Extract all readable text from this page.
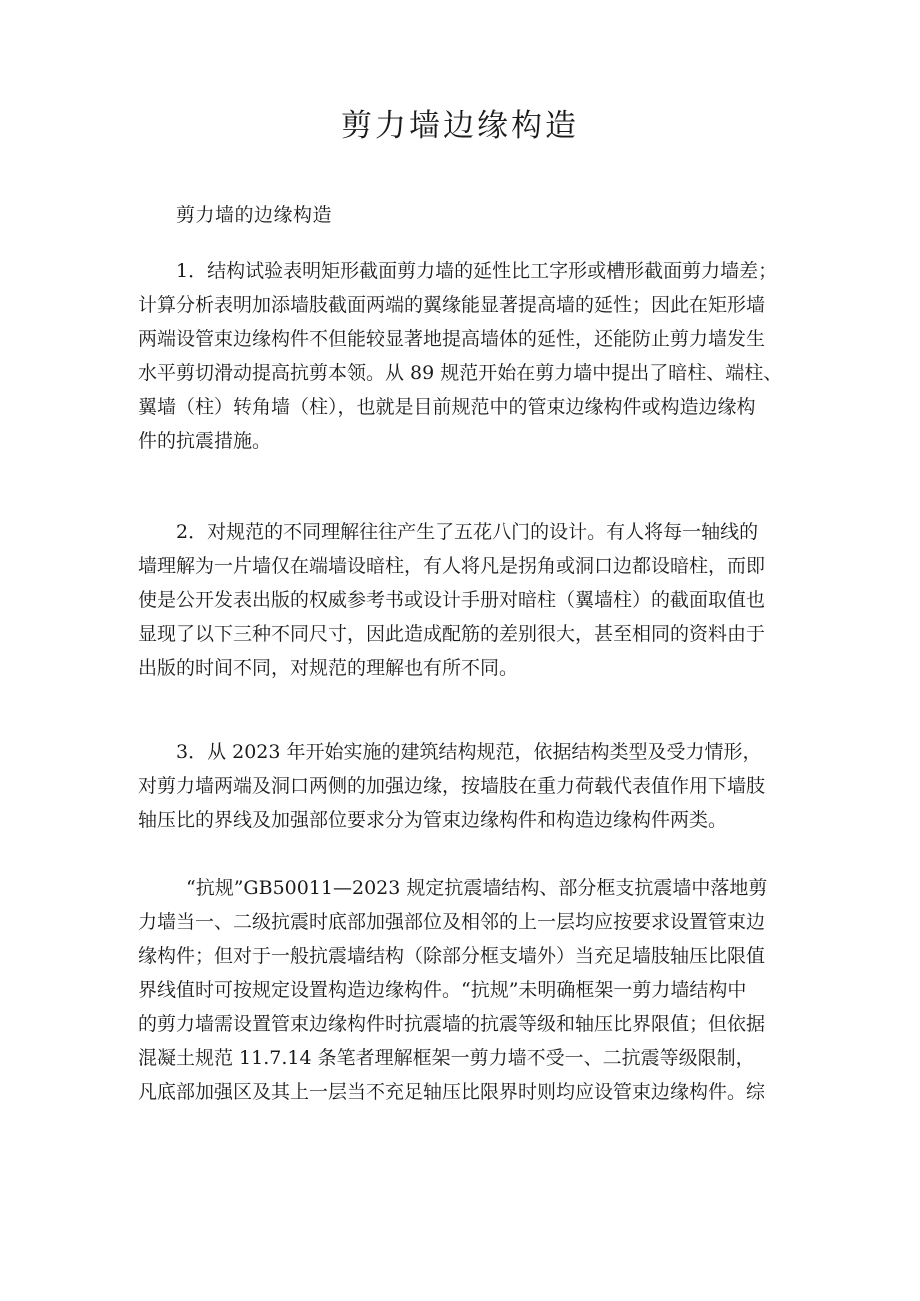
剪力墙边缘构造
剪力墙的边缘构造
1．结构试验表明矩形截面剪力墙的延性比工字形或槽形截面剪力墙差；
计算分析表明加添墙肢截面两端的翼缘能显著提高墙的延性；因此在矩形墙
两端设管束边缘构件不但能较显著地提高墙体的延性，还能防止剪力墙发生
水平剪切滑动提高抗剪本领。从 89 规范开始在剪力墙中提出了暗柱、端柱、
翼墙（柱）转角墙（柱），也就是目前规范中的管束边缘构件或构造边缘构
件的抗震措施。
2．对规范的不同理解往往产生了五花八门的设计。有人将每一轴线的
墙理解为一片墙仅在端墙设暗柱，有人将凡是拐角或洞口边都设暗柱，而即
使是公开发表出版的权威参考书或设计手册对暗柱（翼墙柱）的截面取值也
显现了以下三种不同尺寸，因此造成配筋的差别很大，甚至相同的资料由于
出版的时间不同，对规范的理解也有所不同。
3．从 2023 年开始实施的建筑结构规范，依据结构类型及受力情形，
对剪力墙两端及洞口两侧的加强边缘，按墙肢在重力荷载代表值作用下墙肢
轴压比的界线及加强部位要求分为管束边缘构件和构造边缘构件两类。
“抗规”GB50011—2023 规定抗震墙结构、部分框支抗震墙中落地剪
力墙当一、二级抗震时底部加强部位及相邻的上一层均应按要求设置管束边
缘构件；但对于一般抗震墙结构（除部分框支墙外）当充足墙肢轴压比限值
界线值时可按规定设置构造边缘构件。“抗规”未明确框架一剪力墙结构中
的剪力墙需设置管束边缘构件时抗震墙的抗震等级和轴压比界限值；但依据
混凝土规范 11.7.14 条笔者理解框架一剪力墙不受一、二抗震等级限制，
凡底部加强区及其上一层当不充足轴压比限界时则均应设管束边缘构件。综
